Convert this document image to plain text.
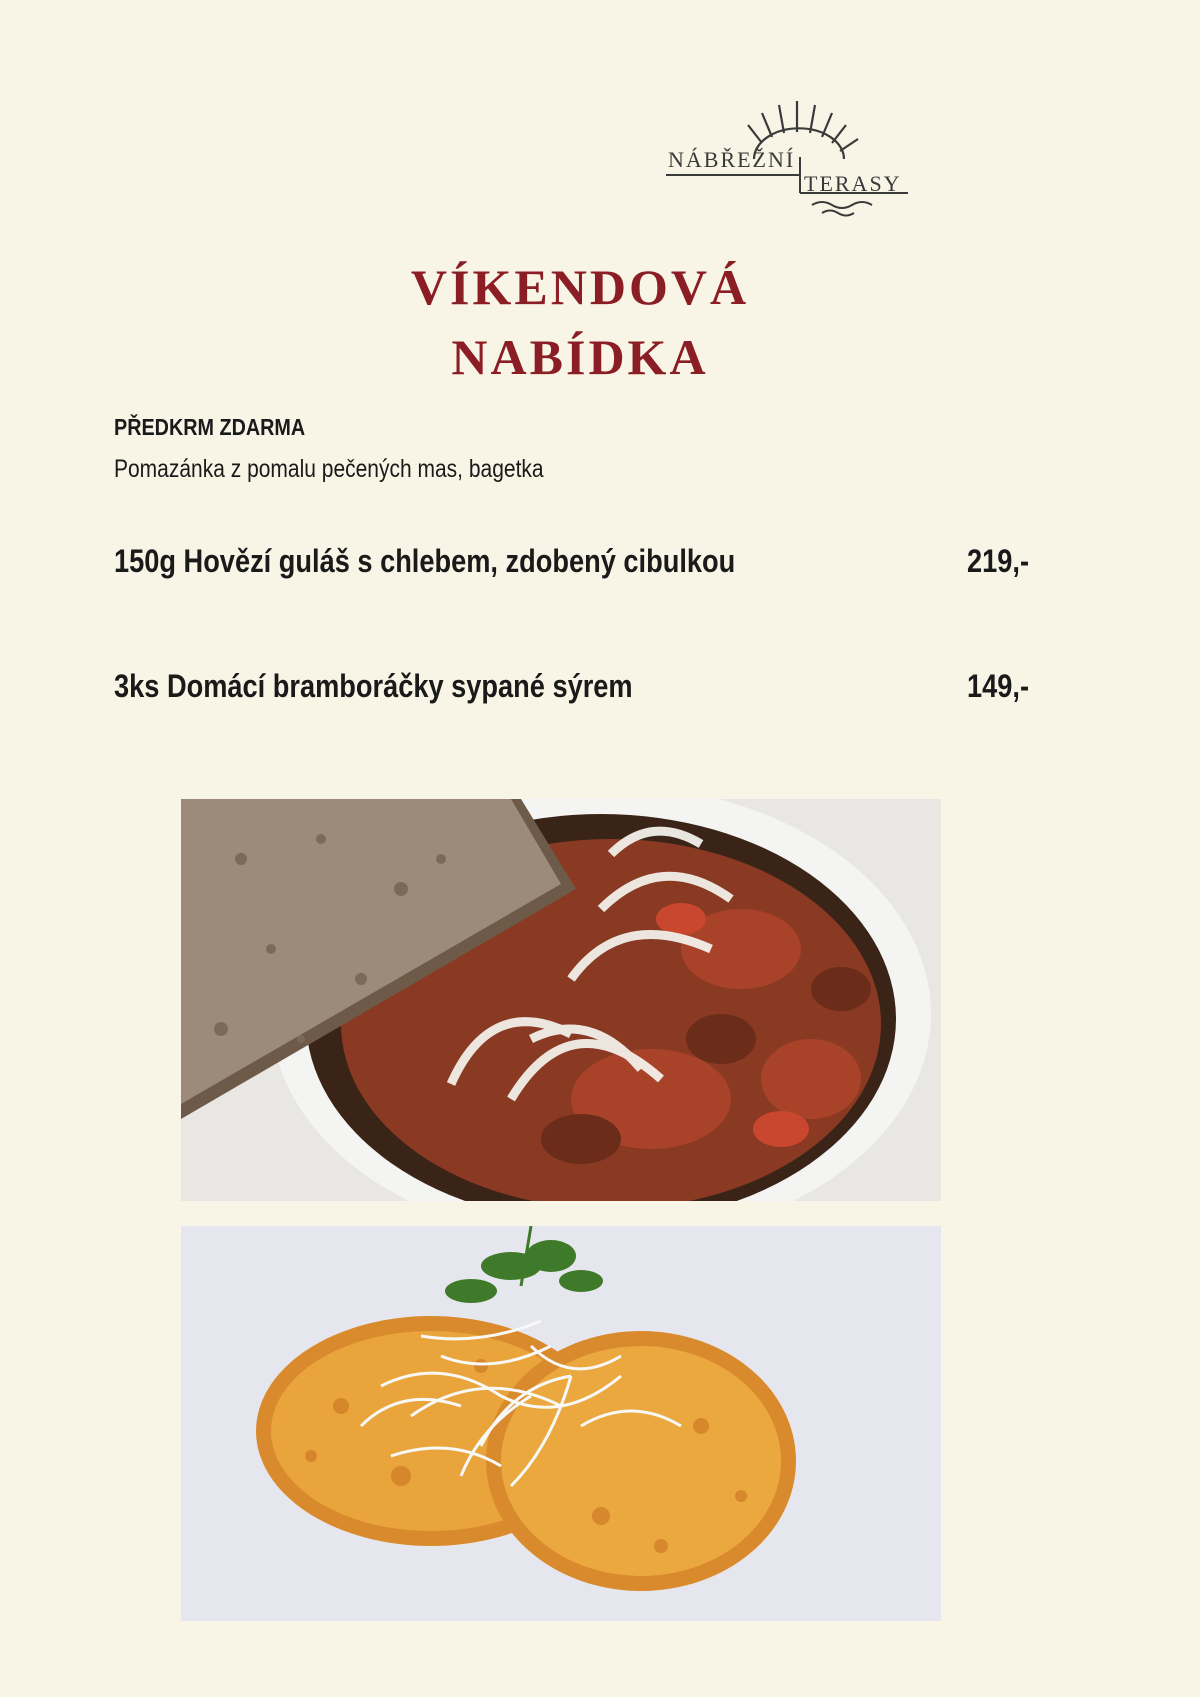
NÁBŘEŽNÍ
TERASY
VÍKENDOVÁ
NABÍDKA
PŘEDKRM ZDARMA
Pomazánka z pomalu pečených mas, bagetka
150g Hovězí guláš s chlebem, zdobený cibulkou	219,-
3ks Domácí bramboráčky sypané sýrem	149,-
